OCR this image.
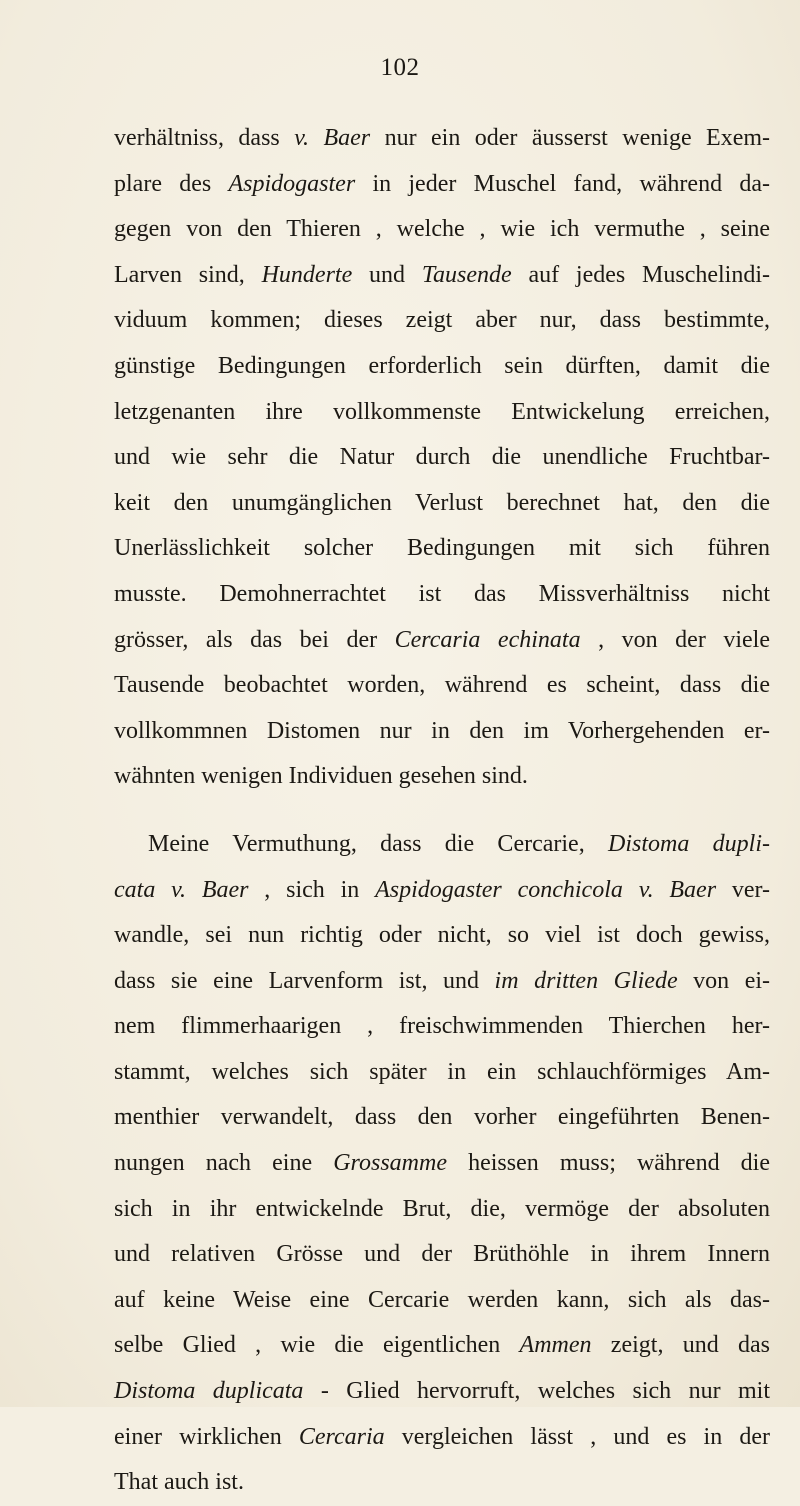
102
verhältniss, dass v. Baer nur ein oder äusserst wenige Exem-
plare des Aspidogaster in jeder Muschel fand, während da-
gegen von den Thieren , welche , wie ich vermuthe , seine
Larven sind, Hunderte und Tausende auf jedes Muschelindi-
viduum kommen; dieses zeigt aber nur, dass bestimmte,
günstige Bedingungen erforderlich sein dürften, damit die
letzgenanten ihre vollkommenste Entwickelung erreichen,
und wie sehr die Natur durch die unendliche Fruchtbar-
keit den unumgänglichen Verlust berechnet hat, den die
Unerlässlichkeit solcher Bedingungen mit sich führen
musste. Demohnerrachtet ist das Missverhältniss nicht
grösser, als das bei der Cercaria echinata , von der viele
Tausende beobachtet worden, während es scheint, dass die
vollkommnen Distomen nur in den im Vorhergehenden er-
wähnten wenigen Individuen gesehen sind.
Meine Vermuthung, dass die Cercarie, Distoma dupli-
cata v. Baer , sich in Aspidogaster conchicola v. Baer ver-
wandle, sei nun richtig oder nicht, so viel ist doch gewiss,
dass sie eine Larvenform ist, und im dritten Gliede von ei-
nem flimmerhaarigen , freischwimmenden Thierchen her-
stammt, welches sich später in ein schlauchförmiges Am-
menthier verwandelt, dass den vorher eingeführten Benen-
nungen nach eine Grossamme heissen muss; während die
sich in ihr entwickelnde Brut, die, vermöge der absoluten
und relativen Grösse und der Brüthöhle in ihrem Innern
auf keine Weise eine Cercarie werden kann, sich als das-
selbe Glied , wie die eigentlichen Ammen zeigt, und das
Distoma duplicata - Glied hervorruft, welches sich nur mit
einer wirklichen Cercaria vergleichen lässt , und es in der
That auch ist.
